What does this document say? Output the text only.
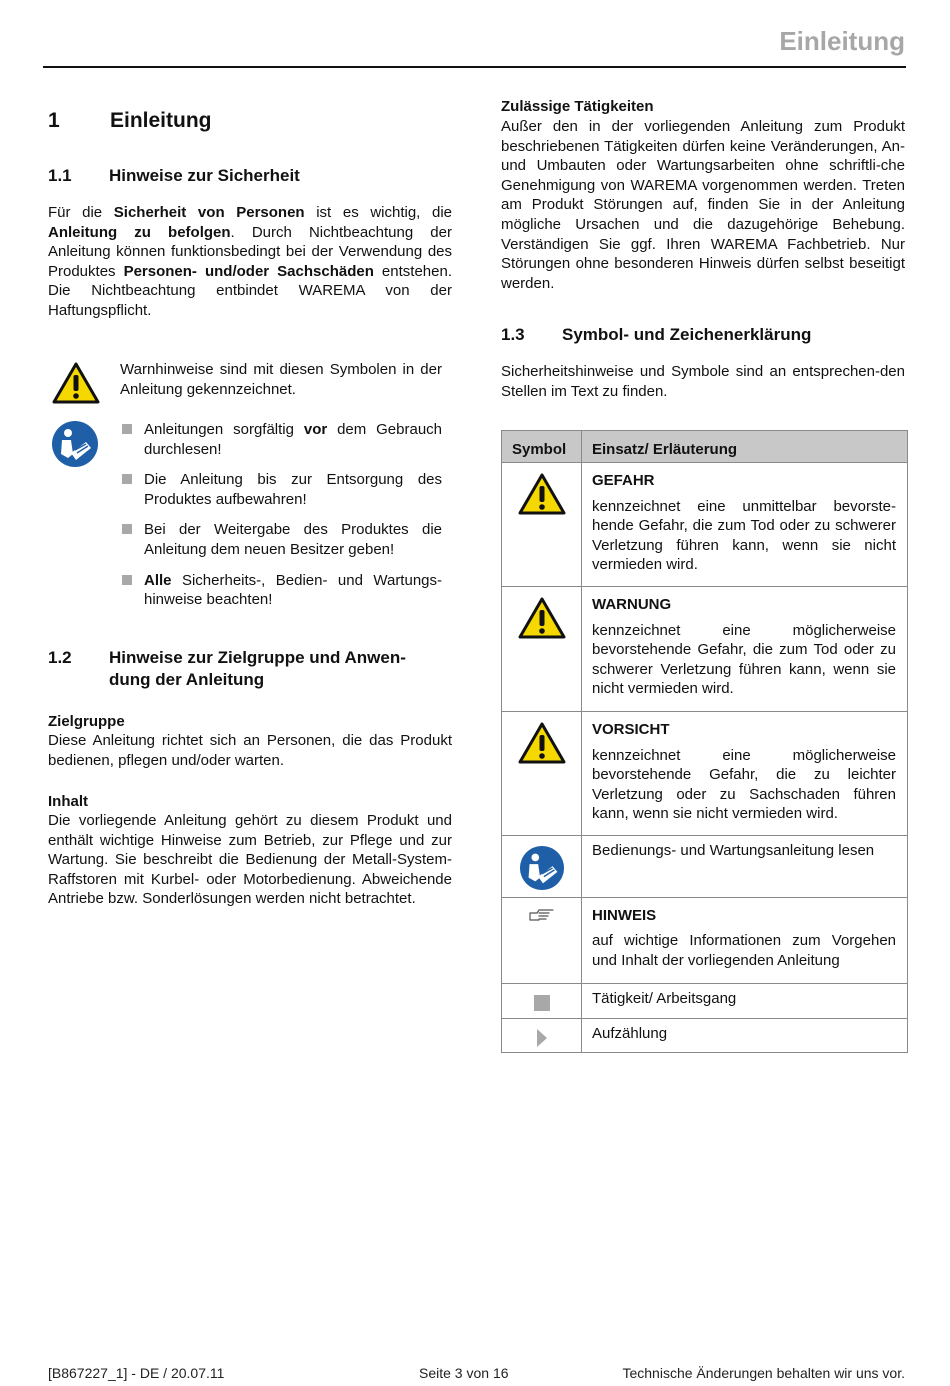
Einleitung
1 Einleitung
1.1 Hinweise zur Sicherheit

Für die Sicherheit von Personen ist es wichtig, die Anleitung zu befolgen. Durch Nichtbeachtung der Anleitung können funktionsbedingt bei der Verwendung des Produktes Personen- und/oder Sachschäden entstehen. Die Nichtbeachtung entbindet WAREMA von der Haftungspflicht.

Warnhinweise sind mit diesen Symbolen in der Anleitung gekennzeichnet.

Anleitungen sorgfältig vor dem Gebrauch durchlesen!
Die Anleitung bis zur Entsorgung des Produktes aufbewahren!
Bei der Weitergabe des Produktes die Anleitung dem neuen Besitzer geben!
Alle Sicherheits-, Bedien- und Wartungs-hinweise beachten!
1.2 Hinweise zur Zielgruppe und Anwen-
dung der Anleitung
Zielgruppe

Diese Anleitung richtet sich an Personen, die das Produkt bedienen, pflegen und/oder warten.

Inhalt

Die vorliegende Anleitung gehört zu diesem Produkt und enthält wichtige Hinweise zum Betrieb, zur Pflege und zur Wartung. Sie beschreibt die Bedienung der Metall-System-Raffstoren mit Kurbel- oder Motorbedienung. Abweichende Antriebe bzw. Sonderlösungen werden nicht betrachtet.

Zulässige Tätigkeiten

Außer den in der vorliegenden Anleitung zum Produkt beschriebenen Tätigkeiten dürfen keine Veränderungen, An- und Umbauten oder Wartungsarbeiten ohne schriftli-che Genehmigung von WAREMA vorgenommen werden. Treten am Produkt Störungen auf, finden Sie in der Anleitung mögliche Ursachen und die dazugehörige Behebung. Verständigen Sie ggf. Ihren WAREMA Fachbetrieb. Nur Störungen ohne besonderen Hinweis dürfen selbst beseitigt werden.

1.3 Symbol- und Zeichenerklärung

Sicherheitshinweise und Symbole sind an entsprechen-den Stellen im Text zu finden.

Symbol	Einsatz/ Erläuterung

GEFAHR
kennzeichnet eine unmittelbar bevorste-hende Gefahr, die zum Tod oder zu schwerer Verletzung führen kann, wenn sie nicht vermieden wird.

WARNUNG
kennzeichnet eine möglicherweise bevorstehende Gefahr, die zum Tod oder zu schwerer Verletzung führen kann, wenn sie nicht vermieden wird.

VORSICHT
kennzeichnet eine möglicherweise bevorstehende Gefahr, die zu leichter Verletzung oder zu Sachschaden führen kann, wenn sie nicht vermieden wird.

Bedienungs- und Wartungsanleitung lesen

HINWEIS
auf wichtige Informationen zum Vorgehen und Inhalt der vorliegenden Anleitung

Tätigkeit/ Arbeitsgang

Aufzählung
[B867227_1] - DE / 20.07.11	Seite 3 von 16	Technische Änderungen behalten wir uns vor.
